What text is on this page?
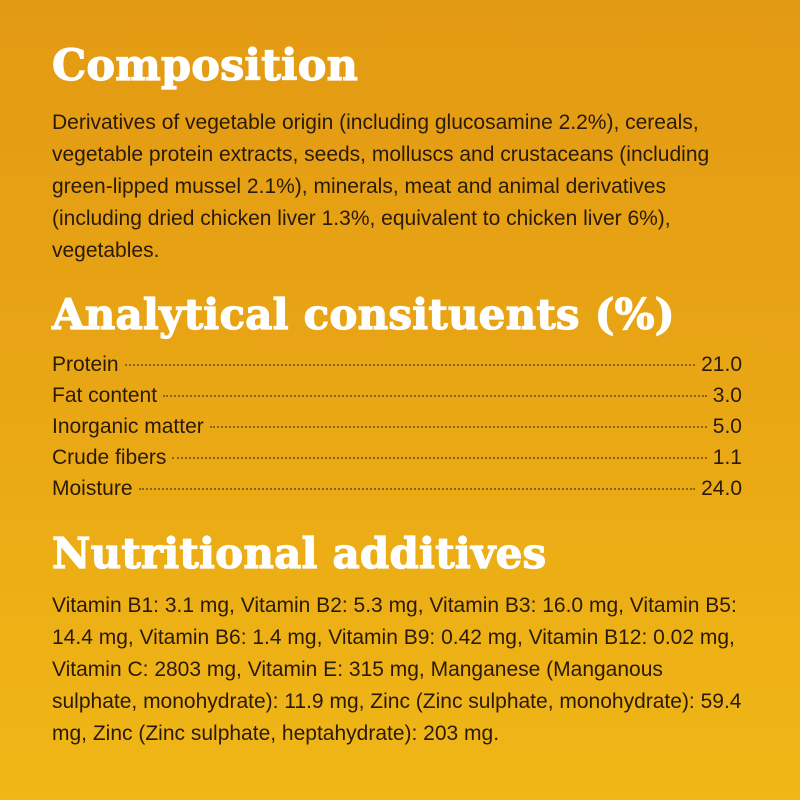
Composition

Derivatives of vegetable origin (including glucosamine 2.2%), cereals, vegetable protein extracts, seeds, molluscs and crustaceans (including green-lipped mussel 2.1%), minerals, meat and animal derivatives (including dried chicken liver 1.3%, equivalent to chicken liver 6%), vegetables.

Analytical consituents (%)
Protein	21.0
Fat content	3.0
Inorganic matter	5.0
Crude fibers	1.1
Moisture	24.0
Nutritional additives

Vitamin B1: 3.1 mg, Vitamin B2: 5.3 mg, Vitamin B3: 16.0 mg, Vitamin B5: 14.4 mg, Vitamin B6: 1.4 mg, Vitamin B9: 0.42 mg, Vitamin B12: 0.02 mg, Vitamin C: 2803 mg, Vitamin E: 315 mg, Manganese (Manganous sulphate, monohydrate): 11.9 mg, Zinc (Zinc sulphate, monohydrate): 59.4 mg, Zinc (Zinc sulphate, heptahydrate): 203 mg.
